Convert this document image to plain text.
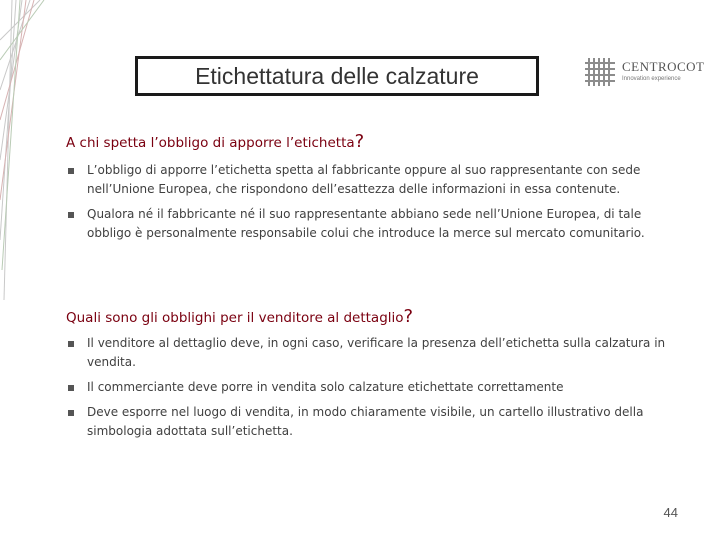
Etichettatura delle calzature	CENTROCOT
Innovation experience
A chi spetta l’obbligo di apporre l’etichetta?
L’obbligo di apporre l’etichetta spetta al fabbricante oppure al suo rappresentante con sede nell’Unione Europea, che rispondono dell’esattezza delle informazioni in essa contenute.
Qualora né il fabbricante né il suo rappresentante abbiano sede nell’Unione Europea, di tale obbligo è personalmente responsabile colui che introduce la merce sul mercato comunitario.
Quali sono gli obblighi per il venditore al dettaglio?
Il venditore al dettaglio deve, in ogni caso, verificare la presenza dell’etichetta sulla calzatura in vendita.
Il commerciante deve porre in vendita solo calzature etichettate correttamente
Deve esporre nel luogo di vendita, in modo chiaramente visibile, un cartello illustrativo della simbologia adottata sull’etichetta.
44
